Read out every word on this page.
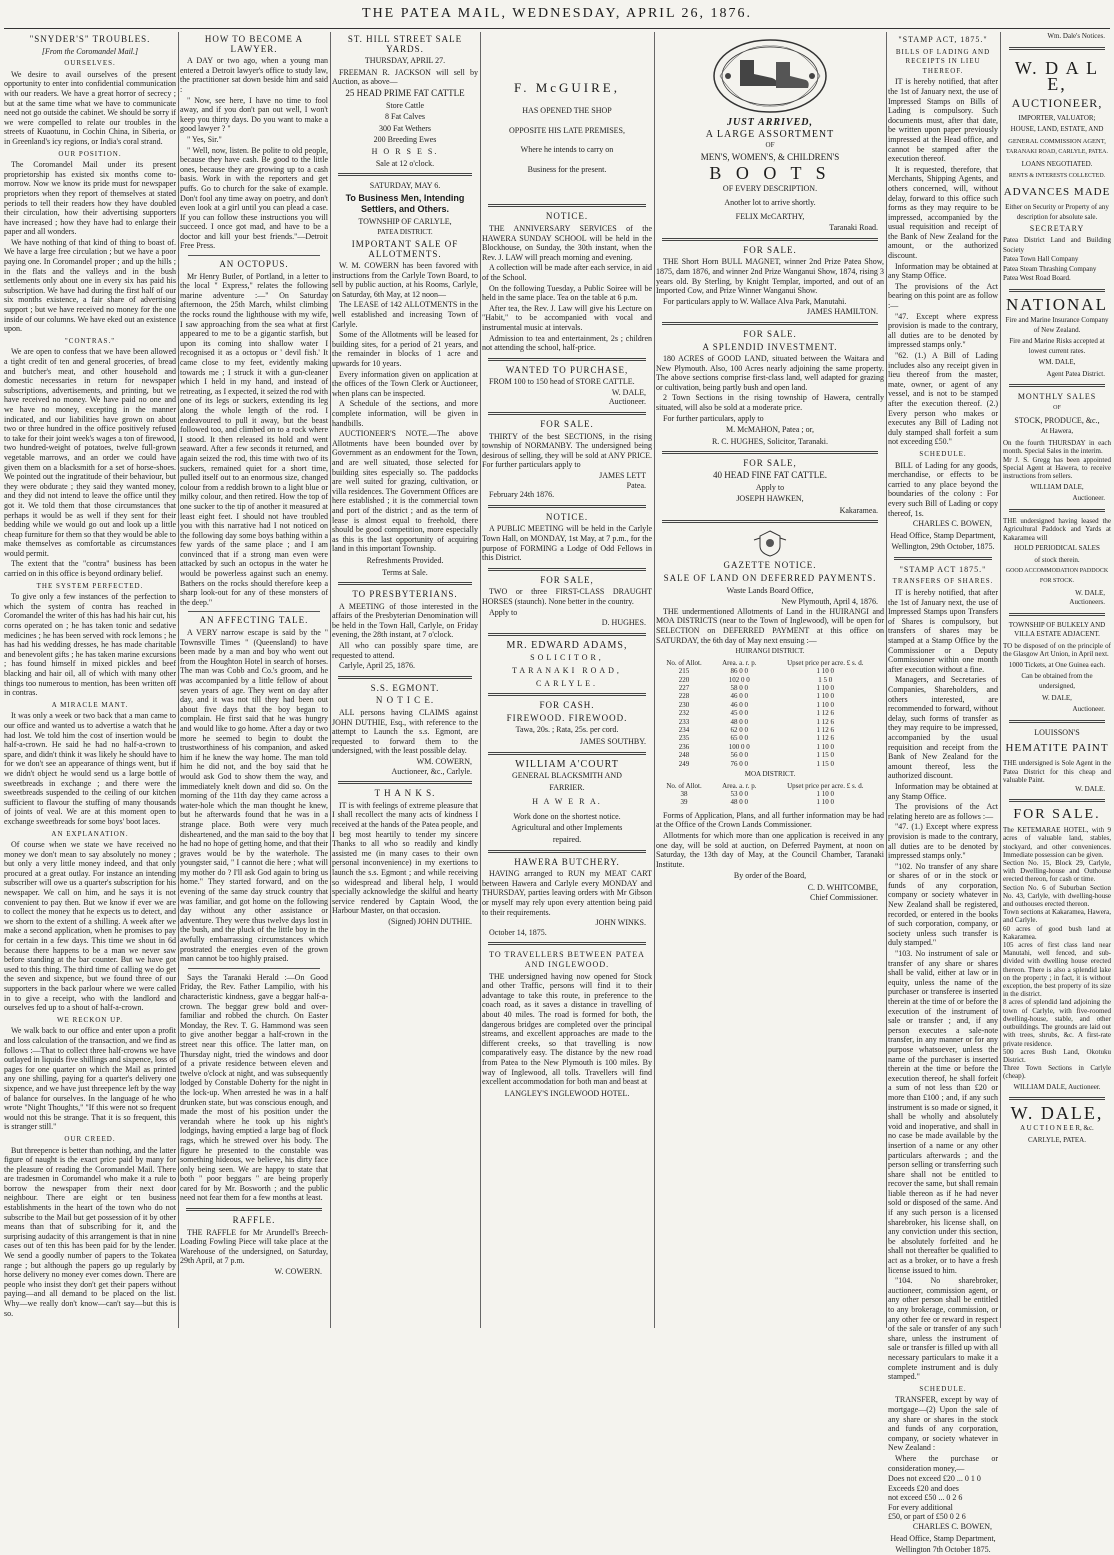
THE PATEA MAIL, WEDNESDAY, APRIL 26, 1876.
"SNYDER'S" TROUBLES.
[From the Coromandel Mail.]
OURSELVES.

We desire to avail ourselves of the present opportunity to enter into confidential communication with our readers. We have a great horror of secrecy ; but at the same time what we have to communicate need not go outside the cabinet. We should be sorry if we were compelled to relate our troubles in the streets of Kuaotunu, in Cochin China, in Siberia, or in Greenland's icy regions, or India's coral strand.

OUR POSITION.

The Coromandel Mail under its present proprietorship has existed six months come to-morrow. Now we know its pride must for newspaper proprietors when they report of themselves at stated periods to tell their readers how they have doubled their circulation, how their advertising supporters have increased ; how they have had to enlarge their paper and all wonders.

We have nothing of that kind of thing to boast of. We have a large free circulation ; but we have a poor paying one. In Coromandel proper ; and up the hills ; in the flats and the valleys and in the bush settlements only about one in every six has paid his subscription. We have had during the first half of our six months existence, a fair share of advertising support ; but we have received no money for the one inside of our columns. We have eked out an existence upon.

"CONTRAS."

We are open to confess that we have been allowed a tight credit of ten and general groceries, of bread and butcher's meat, and other household and domestic necessaries in return for newspaper subscriptions, advertisements, and printing, but we have received no money. We have paid no one and we have no money, excepting in the manner indicated, and our liabilities have grown on about two or three hundred in the office positively refused to take for their joint week's wages a ton of firewood, two hundred-weight of potatoes, twelve full-grown vegetable marrows, and an order we could have given them on a blacksmith for a set of horse-shoes. We pointed out the ingratitude of their behaviour, but they were obdurate ; they said they wanted money, and they did not intend to leave the office until they got it. We told them that those circumstances that perhaps it would be as well if they sent for their bedding while we would go out and look up a little cheap furniture for them so that they would be able to make themselves as comfortable as circumstances would permit.

The extent that the "contra" business has been carried on in this office is beyond ordinary belief.

THE SYSTEM PERFECTED.

To give only a few instances of the perfection to which the system of contra has reached in Coromandel the writer of this has had his hair cut, his corns operated on ; he has taken tonic and sedative medicines ; he has been served with rock lemons ; he has had his wedding dresses, he has made charitable and benevolent gifts ; he has taken marine excursions ; has found himself in mixed pickles and beef blacking and hair oil, all of which with many other things too numerous to mention, has been written off in contras.

A MIRACLE MANT.

It was only a week or two back that a man came to our office and wanted us to advertise a watch that he had lost. We told him the cost of insertion would be half-a-crown. He said he had no half-a-crown to spare, and didn't think it was likely he should have to for we don't see an appearance of things went, but if we didn't object he would send us a large bottle of sweetbreads in exchange ; and there were the sweetbreads suspended to the ceiling of our kitchen sufficient to flavour the stuffing of many thousands of joints of veal. We are at this moment open to exchange sweetbreads for some boys' boot laces.

AN EXPLANATION.

Of course when we state we have received no money we don't mean to say absolutely no money ; but only a very little money indeed, and that only procured at a great outlay. For instance an intending subscriber will owe us a quarter's subscription for his newspaper. We call on him, and he says it is not convenient to pay then. But we know if ever we are to collect the money that he expects us to detect, and we shorn to the extent of a shilling. A week after we make a second application, when he promises to pay for certain in a few days. This time we shout in 6d because there happens to be a man we never saw before standing at the bar counter. But we have got used to this thing. The third time of calling we do get the seven and sixpence, but we found three of our supporters in the back parlour where we were called in to give a receipt, who with the landlord and ourselves fed up to a shout of half-a-crown.

WE RECKON UP.

We walk back to our office and enter upon a profit and loss calculation of the transaction, and we find as follows :—That to collect three half-crowns we have outlayed in liquids five shillings and sixpence, loss of pages for one quarter on which the Mail as printed any one shilling, paying for a quarter's delivery one sixpence, and we have just threepence left by the way of balance for ourselves. In the language of he who wrote "Night Thoughts," "If this were not so frequent would not this be strange. That it is so frequent, this is stranger still."

OUR CREED.

But threepence is better than nothing, and the latter figure of naught is the exact price paid by many for the pleasure of reading the Coromandel Mail. There are tradesmen in Coromandel who make it a rule to borrow the newspaper from their next door neighbour. There are eight or ten business establishments in the heart of the town who do not subscribe to the Mail but get possession of it by other means than that of subscribing for it, and the surprising audacity of this arrangement is that in nine cases out of ten this has been paid for by the lender. We send a goodly number of papers to the Tokatea range ; but although the papers go up regularly by horse delivery no money ever comes down. There are people who insist they don't get their papers without paying—and all demand to be placed on the list. Why—we really don't know—can't say—but this is so.

HOW TO BECOME A LAWYER.

A DAY or two ago, when a young man entered a Detroit lawyer's office to study law, the practitioner sat down beside him and said :

" Now, see here, I have no time to fool away, and if you don't pan out well, I won't keep you thirty days. Do you want to make a good lawyer ? "

" Yes, Sir."

" Well, now, listen. Be polite to old people, because they have cash. Be good to the little ones, because they are growing up to a cash basis. Work in with the reporters and get puffs. Go to church for the sake of example. Don't fool any time away on poetry, and don't even look at a girl until you can plead a case. If you can follow these instructions you will succeed. I once got mad, and have to be a doctor and kill your best friends."—Detroit Free Press.

AN OCTOPUS.

Mr Henry Butler, of Portland, in a letter to the local " Express," relates the following marine adventure :—" On Saturday afternoon, the 25th March, whilst climbing the rocks round the lighthouse with my wife, I saw approaching from the sea what at first appeared to me to be a gigantic starfish, but upon its coming into shallow water I recognised it as a octopus or ' devil fish.' It came close to my feet, evidently making towards me ; I struck it with a gun-cleaner which I held in my hand, and instead of retreating, as I expected, it seized the rod with one of its legs or suckers, extending its leg along the whole length of the rod. I endeavoured to pull it away, but the beast followed too, and climbed on to a rock where I stood. It then released its hold and went seaward. After a few seconds it returned, and again seized the rod, this time with two of its suckers, remained quiet for a short time, pulled itself out to an enormous size, changed colour from a reddish brown to a light blue or milky colour, and then retired. How the top of one sucker to the tip of another it measured at least eight feet. I should not have troubled you with this narrative had I not noticed on the following day some boys bathing within a few yards of the same place ; and I am convinced that if a strong man even were attacked by such an octopus in the water he would be powerless against such an enemy. Bathers on the rocks should therefore keep a sharp look-out for any of these monsters of the deep."

AN AFFECTING TALE.

A VERY narrow escape is said by the " Townsville Times " (Queensland) to have been made by a man and boy who went out from the Houghton Hotel in search of horses. The man was Cobb and Co.'s groom, and he was accompanied by a little fellow of about seven years of age. They went on day after day, and it was not till they had been out about five days that the boy began to complain. He first said that he was hungry and would like to go home. After a day or two more he seemed to begin to doubt the trustworthiness of his companion, and asked him if he knew the way home. The man told him he did not, and the boy said that he would ask God to show them the way, and immediately knelt down and did so. On the morning of the 11th day they came across a water-hole which the man thought he knew, but he afterwards found that he was in a strange place. Both were very much disheartened, and the man said to the boy that he had no hope of getting home, and that their graves would be by the waterhole. The youngster said, " I cannot die here ; what will my mother do ? I'll ask God again to bring us home." They started forward, and on the evening of the same day struck country that was familiar, and got home on the following day without any other assistance or adventure. They were thus twelve days lost in the bush, and the pluck of the little boy in the awfully embarrassing circumstances which prostrated the energies even of the grown man cannot be too highly praised.

Says the Taranaki Herald :—On Good Friday, the Rev. Father Lampilio, with his characteristic kindness, gave a beggar half-a-crown. The beggar grew bold and over-familiar and robbed the church. On Easter Monday, the Rev. T. G. Hammond was seen to give another beggar a half-crown in the street near this office. The latter man, on Thursday night, tried the windows and door of a private residence between eleven and twelve o'clock at night, and was subsequently lodged by Constable Doherty for the night in the lock-up. When arrested he was in a half drunken state, but was conscious enough, and made the most of his position under the verandah where he took up his night's lodgings, having emptied a large bag of flock rags, which he strewed over his body. The figure he presented to the constable was something hideous, we believe, his dirty face only being seen. We are happy to state that both " poor beggars " are being properly cared for by Mr. Bosworth ; and the public need not fear them for a few months at least.

RAFFLE.

THE RAFFLE for Mr Arundell's Breech-Loading Fowling Piece will take place at the Warehouse of the undersigned, on Saturday, 29th April, at 7 p.m.

W. COWERN.
ST. HILL STREET SALE YARDS.
THURSDAY, APRIL 27.

FREEMAN R. JACKSON will sell by Auction, as above—

25 HEAD PRIME FAT CATTLE
Store Cattle
8 Fat Calves
300 Fat Wethers
200 Breeding Ewes
H O R S E S.
Sale at 12 o'clock.
SATURDAY, MAY 6.
To Business Men, Intending Settlers, and Others.
TOWNSHIP OF CARLYLE,
PATEA DISTRICT.
IMPORTANT SALE OF ALLOTMENTS.

W. M. COWERN has been favored with instructions from the Carlyle Town Board, to sell by public auction, at his Rooms, Carlyle, on Saturday, 6th May, at 12 noon—

The LEASE of 142 ALLOTMENTS in the well established and increasing Town of Carlyle.

Some of the Allotments will be leased for building sites, for a period of 21 years, and the remainder in blocks of 1 acre and upwards for 10 years.

Every information given on application at the offices of the Town Clerk or Auctioneer, when plans can be inspected.

A Schedule of the sections, and more complete information, will be given in handbills.

AUCTIONEER'S NOTE.—The above Allotments have been bounded over by Government as an endowment for the Town, and are well situated, those selected for building sites especially so. The paddocks are well suited for grazing, cultivation, or villa residences. The Government Offices are here established ; it is the commercial town and port of the district ; and as the term of lease is almost equal to freehold, there should be good competition, more especially as this is the last opportunity of acquiring land in this important Township.

Refreshments Provided.
Terms at Sale.
TO PRESBYTERIANS.

A MEETING of those interested in the affairs of the Presbyterian Denomination will be held in the Town Hall, Carlyle, on Friday evening, the 28th instant, at 7 o'clock.

All who can possibly spare time, are requested to attend.

Carlyle, April 25, 1876.

S.S. EGMONT.
N O T I C E.

ALL persons having CLAIMS against JOHN DUTHIE, Esq., with reference to the attempt to Launch the s.s. Egmont, are requested to forward them to the undersigned, with the least possible delay.

WM. COWERN,
Auctioneer, &c., Carlyle.
T H A N K S.

IT is with feelings of extreme pleasure that I shall recollect the many acts of kindness I received at the hands of the Patea people, and I beg most heartily to tender my sincere Thanks to all who so readily and kindly assisted me (in many cases to their own personal inconvenience) in my exertions to launch the s.s. Egmont ; and while receiving so widespread and liberal help, I would specially acknowledge the skilful and hearty service rendered by Captain Wood, the Harbour Master, on that occasion.

(Signed) JOHN DUTHIE.
F. McGUIRE,
HAS OPENED THE SHOP
OPPOSITE HIS LATE PREMISES,
Where he intends to carry on
Business for the present.
NOTICE.

THE ANNIVERSARY SERVICES of the HAWERA SUNDAY SCHOOL will be held in the Blockhouse, on Sunday, the 30th instant, when the Rev. J. LAW will preach morning and evening.

A collection will be made after each service, in aid of the School.

On the following Tuesday, a Public Soiree will be held in the same place. Tea on the table at 6 p.m.

After tea, the Rev. J. Law will give his Lecture on "Habit," to be accompanied with vocal and instrumental music at intervals.

Admission to tea and entertainment, 2s ; children not attending the school, half-price.

WANTED TO PURCHASE,

FROM 100 to 150 head of STORE CATTLE.

W. DALE,
Auctioneer.
FOR SALE.

THIRTY of the best SECTIONS, in the rising township of NORMANBY. The undersigned being desirous of selling, they will be sold at ANY PRICE. For further particulars apply to

JAMES LETT
Patea.

February 24th 1876.

NOTICE.

A PUBLIC MEETING will be held in the Carlyle Town Hall, on MONDAY, 1st May, at 7 p.m., for the purpose of FORMING a Lodge of Odd Fellows in this District.

FOR SALE,

TWO or three FIRST-CLASS DRAUGHT HORSES (staunch). None better in the country.

Apply to

D. HUGHES.
MR. EDWARD ADAMS,
SOLICITOR,
TARANAKI ROAD,
CARLYLE.
FOR CASH.
FIREWOOD. FIREWOOD.
Tawa, 20s. ; Rata, 25s. per cord.
JAMES SOUTHBY.
WILLIAM A'COURT
GENERAL BLACKSMITH AND
FARRIER.
H A W E R A.
Work done on the shortest notice.
Agricultural and other Implements
repaired.
HAWERA BUTCHERY.

HAVING arranged to RUN my MEAT CART between Hawera and Carlyle every MONDAY and THURSDAY, parties leaving orders with Mr Gibson or myself may rely upon every attention being paid to their requirements.

JOHN WINKS.

October 14, 1875.

TO TRAVELLERS BETWEEN PATEA AND INGLEWOOD.

THE undersigned having now opened for Stock and other Traffic, persons will find it to their advantage to take this route, in preference to the coach road, as it saves a distance in travelling of about 40 miles. The road is formed for both, the dangerous bridges are completed over the principal streams, and excellent approaches are made to the different creeks, so that travelling is now comparatively easy. The distance by the new road from Patea to the New Plymouth is 100 miles. By way of Inglewood, all tolls. Travellers will find excellent accommodation for both man and beast at

LANGLEY'S INGLEWOOD HOTEL.
JUST ARRIVED,
A LARGE ASSORTMENT
OF
MEN'S, WOMEN'S, & CHILDREN'S
B O O T S
OF EVERY DESCRIPTION.
Another lot to arrive shortly.
FELIX McCARTHY,
Taranaki Road.
FOR SALE.

THE Short Horn BULL MAGNET, winner 2nd Prize Patea Show, 1875, dam 1876, and winner 2nd Prize Wanganui Show, 1874, rising 3 years old. By Sterling, by Knight Templar, imported, and out of an Imported Cow, and Prize Winner Wanganui Show.

For particulars apply to W. Wallace Alva Park, Manutahi.

JAMES HAMILTON.
FOR SALE.
A SPLENDID INVESTMENT.

180 ACRES of GOOD LAND, situated between the Waitara and New Plymouth. Also, 100 Acres nearly adjoining the same property. The above sections comprise first-class land, well adapted for grazing or cultivation, being partly bush and open land.

2 Town Sections in the rising township of Hawera, centrally situated, will also be sold at a moderate price.

For further particulars, apply to

M. McMAHON, Patea ; or,
R. C. HUGHES, Solicitor, Taranaki.
FOR SALE,
40 HEAD FINE FAT CATTLE.
Apply to
JOSEPH HAWKEN,
Kakaramea.
GAZETTE NOTICE.
SALE OF LAND ON DEFERRED PAYMENTS.
Waste Lands Board Office,
New Plymouth, April 4, 1876.

THE undermentioned Allotments of Land in the HUIRANGI and MOA DISTRICTS (near to the Town of Inglewood), will be open for SELECTION on DEFERRED PAYMENT at this office on SATURDAY, the 6th day of May next ensuing :—

HUIRANGI DISTRICT.
No. of Allot.	Area. a. r. p.	Upset price per acre. £ s. d.
215	86 0 0	1 10 0
220	102 0 0	1 5 0
227	58 0 0	1 10 0
228	46 0 0	1 10 0
230	46 0 0	1 10 0
232	45 0 0	1 12 6
233	48 0 0	1 12 6
234	62 0 0	1 12 6
235	65 0 0	1 12 6
236	100 0 0	1 10 0
248	56 0 0	1 15 0
249	76 0 0	1 15 0
MOA DISTRICT.
No. of Allot.	Area. a. r. p.	Upset price per acre. £ s. d.
38	53 0 0	1 10 0
39	48 0 0	1 10 0

Forms of Application, Plans, and all further information may be had at the Office of the Crown Lands Commissioner.

Allotments for which more than one application is received in any one day, will be sold at auction, on Deferred Payment, at noon on Saturday, the 13th day of May, at the Council Chamber, Taranaki Institute.

By order of the Board,
C. D. WHITCOMBE,
Chief Commissioner.
"STAMP ACT, 1875."
BILLS OF LADING AND RECEIPTS IN LIEU THEREOF.

IT is hereby notified, that after the 1st of January next, the use of Impressed Stamps on Bills of Lading is compulsory. Such documents must, after that date, be written upon paper previously impressed at the Head office, and cannot be stamped after the execution thereof.

It is requested, therefore, that Merchants, Shipping Agents, and others concerned, will, without delay, forward to this office such forms as they may require to be impressed, accompanied by the usual requisition and receipt of the Bank of New Zealand for the amount, or the authorized discount.

Information may be obtained at any Stamp Office.

The provisions of the Act bearing on this point are as follow :—

"47. Except where express provision is made to the contrary, all duties are to be denoted by impressed stamps only."

"62. (1.) A Bill of Lading includes also any receipt given in lieu thereof from the master, mate, owner, or agent of any vessel, and is not to be stamped after the execution thereof. (2.) Every person who makes or executes any Bill of Lading not duly stamped shall forfeit a sum not exceeding £50."

SCHEDULE.

BILL of Lading for any goods, merchandise, or effects to be carried to any place beyond the boundaries of the colony : For every such Bill of Lading or copy thereof, 1s.

CHARLES C. BOWEN,
Head Office, Stamp Department,
Wellington, 29th October, 1875.
"STAMP ACT 1875."
TRANSFERS OF SHARES.

IT is hereby notified, that after the 1st of January next, the use of Impressed Stamps upon Transfers of Shares is compulsory, but transfers of shares may be stamped at a Stamp Office by the Commissioner or a Deputy Commissioner within one month after execution without a fine.

Managers, and Secretaries of Companies, Shareholders, and others interested, are recommended to forward, without delay, such forms of transfer as they may require to be impressed, accompanied by the usual requisition and receipt from the Bank of New Zealand for the amount thereof, less the authorized discount.

Information may be obtained at any Stamp Office.

The provisions of the Act relating hereto are as follows :—

"47. (1.) Except where express provision is made to the contrary, all duties are to be denoted by impressed stamps only."

"102. No transfer of any share or shares of or in the stock or funds of any corporation, company or society whatever in New Zealand shall be registered, recorded, or entered in the books of such corporation, company, or society unless such transfer is duly stamped."

"103. No instrument of sale or transfer of any share or shares shall be valid, either at law or in equity, unless the name of the purchaser or transferee is inserted therein at the time of or before the execution of the instrument of sale or transfer ; and, if any person executes a sale-note transfer, in any manner or for any purpose whatsoever, unless the name of the purchaser is inserted therein at the time or before the execution thereof, he shall forfeit a sum of not less than £20 or more than £100 ; and, if any such instrument is so made or signed, it shall be wholly and absolutely void and inoperative, and shall in no case be made available by the insertion of a name or any other particulars afterwards ; and the person selling or transferring such share shall not be entitled to recover the same, but shall remain liable thereon as if he had never sold or disposed of the same. And if any such person is a licensed sharebroker, his license shall, on any conviction under this section, be absolutely forfeited and he shall not thereafter be qualified to act as a broker, or to have a fresh license issued to him.

"104. No sharebroker, auctioneer, commission agent, or any other person shall be entitled to any brokerage, commission, or any other fee or reward in respect of the sale or transfer of any such share, unless the instrument of sale or transfer is filled up with all necessary particulars to make it a complete instrument and is duly stamped."

SCHEDULE.

TRANSFER, except by way of mortgage—(2) Upon the sale of any share or shares in the stock and funds of any corporation, company, or society whatever in New Zealand :

Where the purchase or consideration money,—

Does not exceed £20 ... 0 1 0
Exceeds £20 and does
not exceed £50 ... 0 2 6
For every additional
£50, or part of £50 0 2 6
CHARLES C. BOWEN,
Head Office, Stamp Department,
Wellington 7th October 1875.
Wm. Dale's Notices.
W. D A L E,
AUCTIONEER,
IMPORTER, VALUATOR;
HOUSE, LAND, ESTATE, AND
GENERAL COMMISSION AGENT,
TARANAKI ROAD, CARLYLE, PATEA.
LOANS NEGOTIATED.
RENTS & INTERESTS COLLECTED.
ADVANCES MADE
Either on Security or Property of any description for absolute sale.
SECRETARY
Patea District Land and Building Society
Patea Town Hall Company
Patea Steam Thrashing Company
Patea West Road Board.
NATIONAL
Fire and Marine Insurance Company of New Zealand.
Fire and Marine Risks accepted at lowest current rates.
WM. DALE,
Agent Patea District.
MONTHLY SALES
OF
STOCK, PRODUCE, &c.,
At Hawera,
On the fourth THURSDAY in each month. Special Sales in the interim.
Mr J. S. Gregg has been appointed Special Agent at Hawera, to receive instructions from sellers.
WILLIAM DALE,
Auctioneer.
THE undersigned having leased the Agricultural Paddock and Yards at Kakaramea will
HOLD PERIODICAL SALES
of stock therein.
GOOD ACCOMMODATION PADDOCK FOR STOCK.
W. DALE,
Auctioneers.
TOWNSHIP OF BULKELY AND VILLA ESTATE ADJACENT.
TO be disposed of on the principle of the Glasgow Art Union, in April next.
1000 Tickets, at One Guinea each.
Can be obtained from the undersigned,
W. DALE,
Auctioneer.
LOUISSON'S
HEMATITE PAINT
THE undersigned is Sole Agent in the Patea District for this cheap and valuable Paint.
W. DALE.
FOR SALE.
The KETEMARAE HOTEL, with 9 acres of valuable land, stables, stockyard, and other conveniences. Immediate possession can be given.
Section No. 15, Block 29, Carlyle, with Dwelling-house and Outhouse erected thereon, for cash or time.
Section No. 6 of Suburban Section No. 43, Carlyle, with dwelling-house and outhouses erected thereon.
Town sections at Kakaramea, Hawera, and Carlyle.
60 acres of good bush land at Kakaramea.
105 acres of first class land near Manutahi, well fenced, and sub-divided with dwelling house erected thereon. There is also a splendid lake on the property ; in fact, it is without exception, the best property of its size in the district.
8 acres of splendid land adjoining the town of Carlyle, with five-roomed dwelling-house, stable, and other outbuildings. The grounds are laid out with trees, shrubs, &c. A first-rate private residence.
500 acres Bush Land, Okotuku District.
Three Town Sections in Carlyle (cheap).
WILLIAM DALE, Auctioneer.
W. DALE,
A U C T I O N E E R, &c.
CARLYLE, PATEA.
